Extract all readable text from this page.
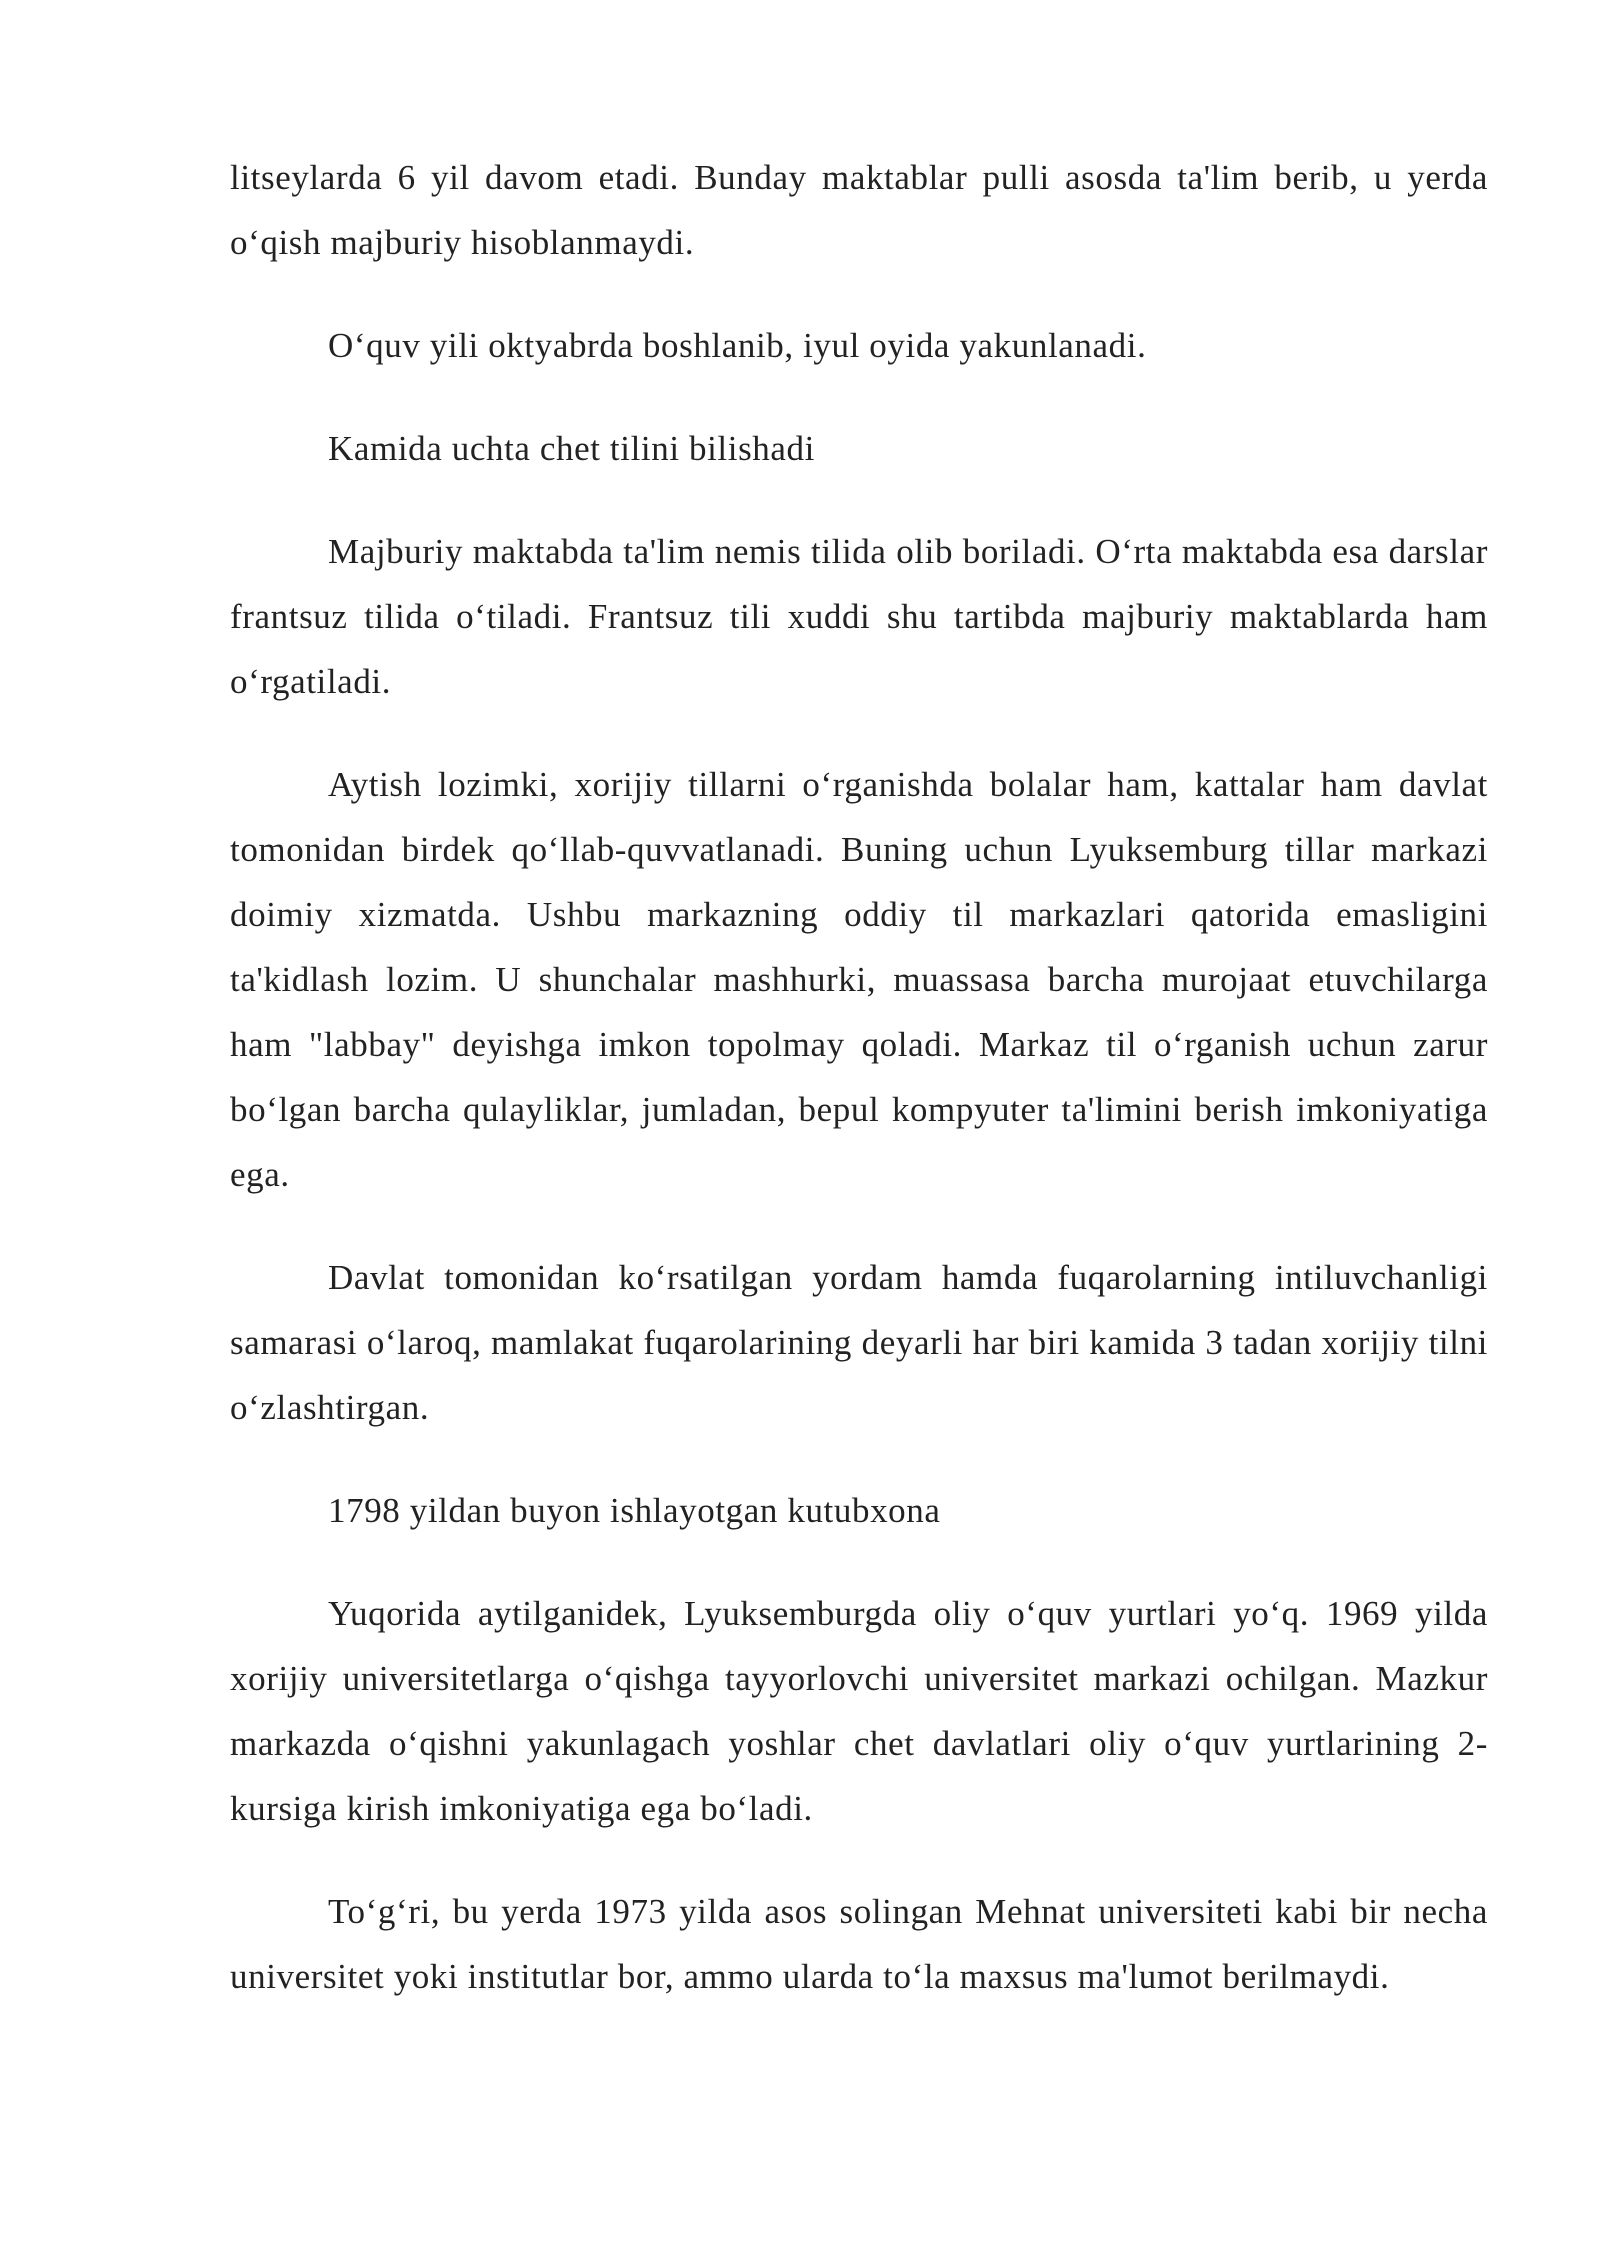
litseylarda 6 yil davom etadi. Bunday maktablar pulli asosda ta'lim berib, u yerda o‘qish majburiy hisoblanmaydi.

O‘quv yili oktyabrda boshlanib, iyul oyida yakunlanadi.

Kamida uchta chet tilini bilishadi

Majburiy maktabda ta'lim nemis tilida olib boriladi. O‘rta maktabda esa darslar frantsuz tilida o‘tiladi. Frantsuz tili xuddi shu tartibda majburiy maktablarda ham o‘rgatiladi.

Aytish lozimki, xorijiy tillarni o‘rganishda bolalar ham, kattalar ham davlat tomonidan birdek qo‘llab-quvvatlanadi. Buning uchun Lyuksemburg tillar markazi doimiy xizmatda. Ushbu markazning oddiy til markazlari qatorida emasligini ta'kidlash lozim. U shunchalar mashhurki, muassasa barcha murojaat etuvchilarga ham "labbay" deyishga imkon topolmay qoladi. Markaz til o‘rganish uchun zarur bo‘lgan barcha qulayliklar, jumladan, bepul kompyuter ta'limini berish imkoniyatiga ega.

Davlat tomonidan ko‘rsatilgan yordam hamda fuqarolarning intiluvchanligi samarasi o‘laroq, mamlakat fuqarolarining deyarli har biri kamida 3 tadan xorijiy tilni o‘zlashtirgan.

1798 yildan buyon ishlayotgan kutubxona

Yuqorida aytilganidek, Lyuksemburgda oliy o‘quv yurtlari yo‘q. 1969 yilda xorijiy universitetlarga o‘qishga tayyorlovchi universitet markazi ochilgan. Mazkur markazda o‘qishni yakunlagach yoshlar chet davlatlari oliy o‘quv yurtlarining 2-kursiga kirish imkoniyatiga ega bo‘ladi.

To‘g‘ri, bu yerda 1973 yilda asos solingan Mehnat universiteti kabi bir necha universitet yoki institutlar bor, ammo ularda to‘la maxsus ma'lumot berilmaydi.
